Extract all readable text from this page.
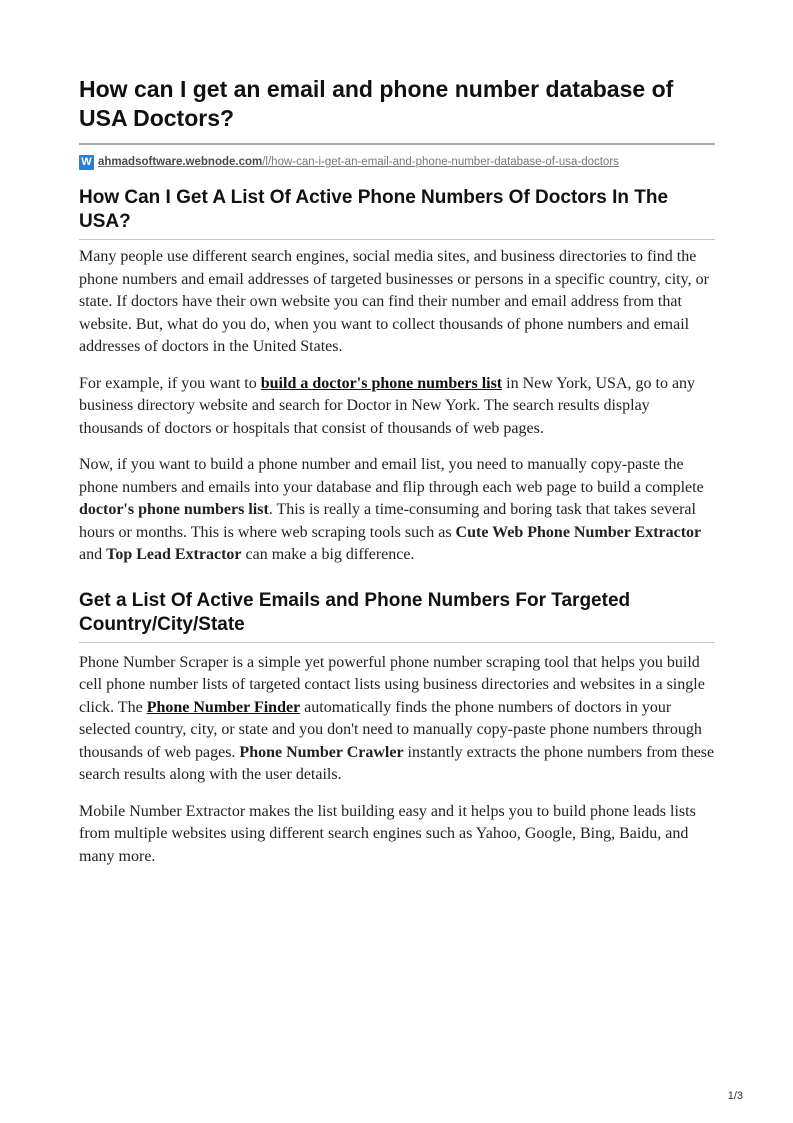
How can I get an email and phone number database of USA Doctors?
W ahmadsoftware.webnode.com/l/how-can-i-get-an-email-and-phone-number-database-of-usa-doctors
How Can I Get A List Of Active Phone Numbers Of Doctors In The USA?

Many people use different search engines, social media sites, and business directories to find the phone numbers and email addresses of targeted businesses or persons in a specific country, city, or state. If doctors have their own website you can find their number and email address from that website. But, what do you do, when you want to collect thousands of phone numbers and email addresses of doctors in the United States.

For example, if you want to build a doctor's phone numbers list in New York, USA, go to any business directory website and search for Doctor in New York. The search results display thousands of doctors or hospitals that consist of thousands of web pages.

Now, if you want to build a phone number and email list, you need to manually copy-paste the phone numbers and emails into your database and flip through each web page to build a complete doctor's phone numbers list. This is really a time-consuming and boring task that takes several hours or months. This is where web scraping tools such as Cute Web Phone Number Extractor and Top Lead Extractor can make a big difference.

Get a List Of Active Emails and Phone Numbers For Targeted Country/City/State

Phone Number Scraper is a simple yet powerful phone number scraping tool that helps you build cell phone number lists of targeted contact lists using business directories and websites in a single click. The Phone Number Finder automatically finds the phone numbers of doctors in your selected country, city, or state and you don't need to manually copy-paste phone numbers through thousands of web pages. Phone Number Crawler instantly extracts the phone numbers from these search results along with the user details.

Mobile Number Extractor makes the list building easy and it helps you to build phone leads lists from multiple websites using different search engines such as Yahoo, Google, Bing, Baidu, and many more.

1/3
